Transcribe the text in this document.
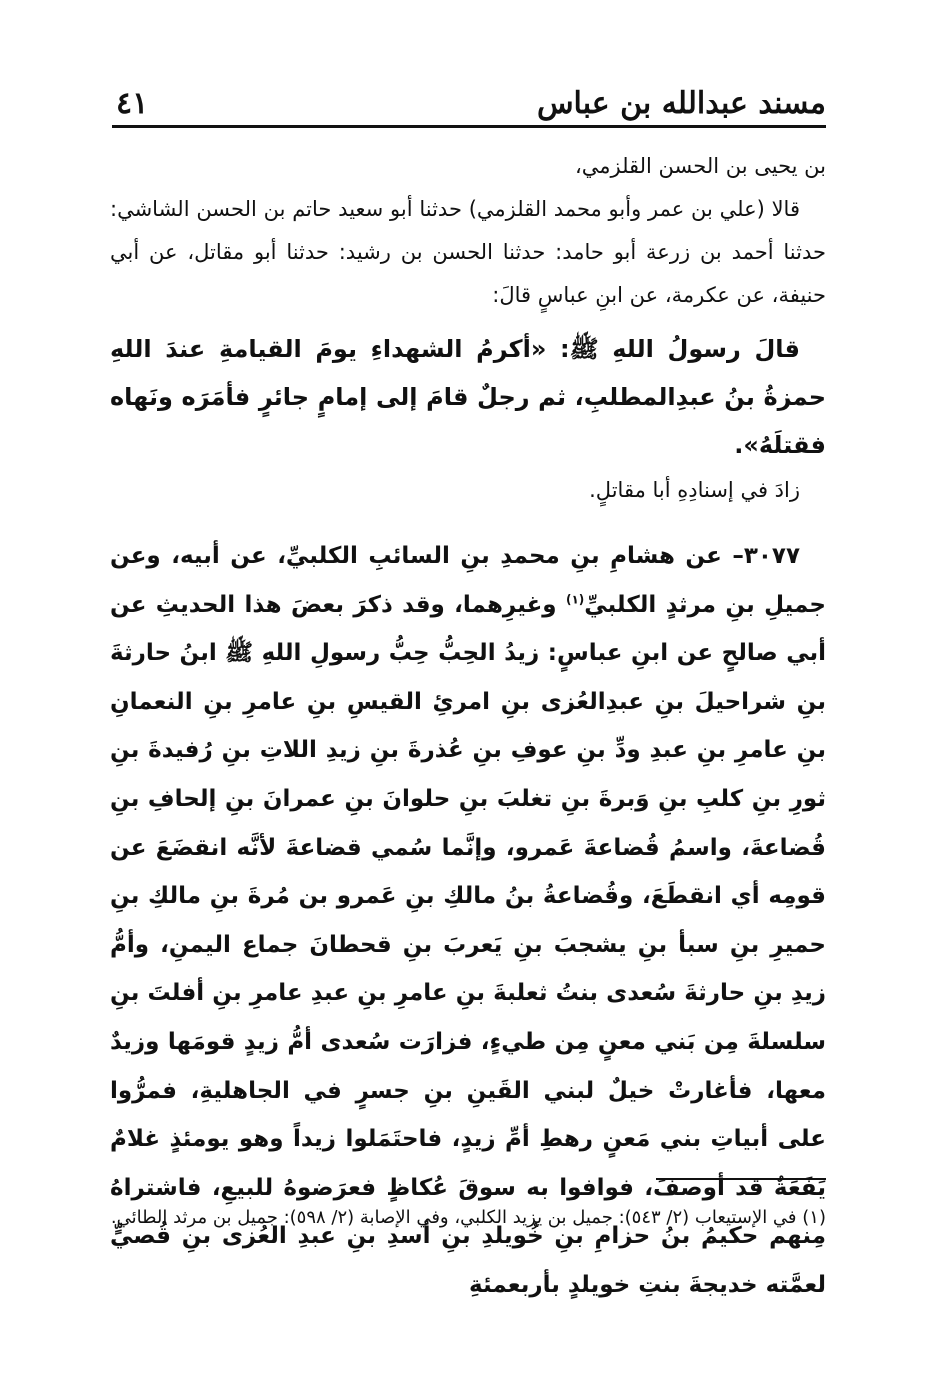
مسند عبدالله بن عباس
٤١

بن يحيى بن الحسن القلزمي،

قالا (علي بن عمر وأبو محمد القلزمي) حدثنا أبو سعيد حاتم بن الحسن الشاشي: حدثنا أحمد بن زرعة أبو حامد: حدثنا الحسن بن رشيد: حدثنا أبو مقاتل، عن أبي حنيفة، عن عكرمة، عن ابنِ عباسٍ قالَ:

قالَ رسولُ اللهِ ﷺ: «أكرمُ الشهداءِ يومَ القيامةِ عندَ اللهِ حمزةُ بنُ عبدِالمطلبِ، ثم رجلٌ قامَ إلى إمامٍ جائرٍ فأمَرَه ونَهاه فقتلَهُ».

زادَ في إسنادِهِ أبا مقاتلٍ.

٣٠٧٧– عن هشامِ بنِ محمدِ بنِ السائبِ الكلبيِّ، عن أبيه، وعن جميلِ بنِ مرثدٍ الكلبيِّ$^{(١)}$ وغيرِهما، وقد ذكرَ بعضَ هذا الحديثِ عن أبي صالحٍ عن ابنِ عباسٍ: زيدُ الحِبُّ حِبُّ رسولِ اللهِ ﷺ ابنُ حارثةَ بنِ شراحيلَ بنِ عبدِالعُزى بنِ امرئِ القيسِ بنِ عامرِ بنِ النعمانِ بنِ عامرِ بنِ عبدِ ودِّ بنِ عوفِ بنِ عُذرةَ بنِ زيدِ اللاتِ بنِ رُفيدةَ بنِ ثورِ بنِ كلبِ بنِ وَبرةَ بنِ تغلبَ بنِ حلوانَ بنِ عمرانَ بنِ إلحافِ بنِ قُضاعةَ، واسمُ قُضاعةَ عَمرو، وإنَّما سُمي قضاعةَ لأنَّه انقضَعَ عن قومِه أي انقطَعَ، وقُضاعةُ بنُ مالكِ بنِ عَمرو بن مُرةَ بنِ مالكِ بنِ حميرِ بنِ سبأ بنِ يشجبَ بنِ يَعربَ بنِ قحطانَ جماع اليمنِ، وأمُّ زيدِ بنِ حارثةَ سُعدى بنتُ ثعلبةَ بنِ عامرِ بنِ عبدِ عامرِ بنِ أفلتَ بنِ سلسلةَ مِن بَني معنٍ مِن طيءٍ، فزارَت سُعدى أمُّ زيدٍ قومَها وزيدٌ معها، فأغارتْ خيلٌ لبني القَينِ بنِ جسرٍ في الجاهليةِ، فمرُّوا على أبياتِ بني مَعنٍ رهطِ أمِّ زيدٍ، فاحتَمَلوا زيداً وهو يومئذٍ غلامٌ يَفَعَةٌ قد أوصفَ، فوافوا به سوقَ عُكاظٍ فعرَضوهُ للبيعِ، فاشتراهُ مِنهم حكيمُ بنُ حزامِ بنِ خُويلدِ بنِ أسدِ بنِ عبدِ العُزى بنِ قُصيٍّ لعمَّته خديجةَ بنتِ خويلدٍ بأربعمئةِ

(١) في الإستيعاب (٢/ ٥٤٣): جميل بن يزيد الكلبي، وفي الإصابة (٢/ ٥٩٨): جميل بن مرثد الطائي.
